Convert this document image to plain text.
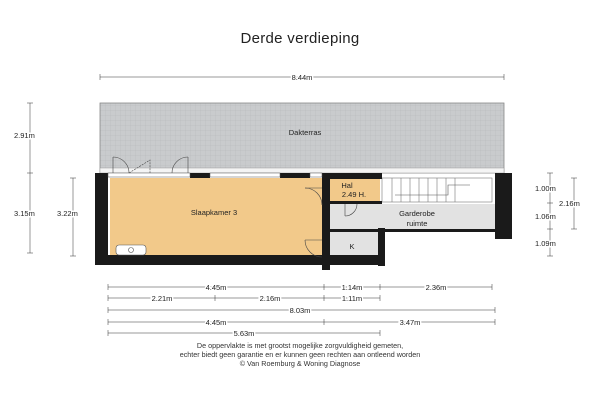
Derde verdieping
Dakterras
Slaapkamer 3
Hal
2.49 H.
Garderobe
ruimte
K
8.44m
2.91m
3.15m	3.22m
1.00m
1.06m
1.09m
2.16m
4.45m	1.14m	2.36m
2.21m	2.16m	1.11m
8.03m
4.45m	3.47m
5.63m
De oppervlakte is met grootst mogelijke zorgvuldigheid gemeten,
echter biedt geen garantie en er kunnen geen rechten aan ontleend worden
© Van Roemburg & Woning Diagnose
